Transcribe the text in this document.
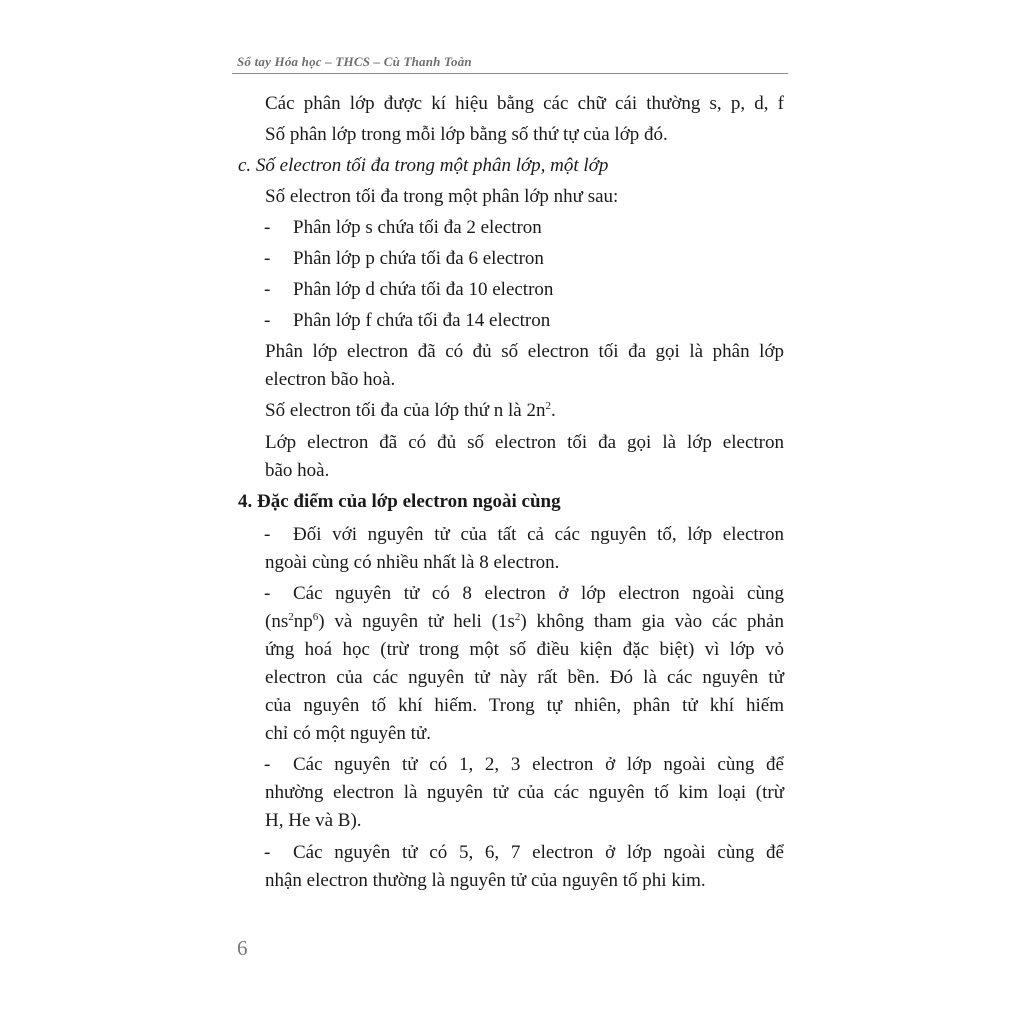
Sổ tay Hóa học – THCS – Cù Thanh Toàn
Các phân lớp được kí hiệu bằng các chữ cái thường s, p, d, f
Số phân lớp trong mỗi lớp bằng số thứ tự của lớp đó.
c. Số electron tối đa trong một phân lớp, một lớp
Số electron tối đa trong một phân lớp như sau:
- Phân lớp s chứa tối đa 2 electron
- Phân lớp p chứa tối đa 6 electron
- Phân lớp d chứa tối đa 10 electron
- Phân lớp f chứa tối đa 14 electron
Phân lớp electron đã có đủ số electron tối đa gọi là phân lớp
electron bão hoà.
Số electron tối đa của lớp thứ n là $2n^2$.
Lớp electron đã có đủ số electron tối đa gọi là lớp electron
bão hoà.
4. Đặc điểm của lớp electron ngoài cùng
- Đối với nguyên tử của tất cả các nguyên tố, lớp electron
ngoài cùng có nhiều nhất là 8 electron.
- Các nguyên tử có 8 electron ở lớp electron ngoài cùng
$(ns^2np^6)$ và nguyên tử heli $(1s^2)$ không tham gia vào các phản
ứng hoá học (trừ trong một số điều kiện đặc biệt) vì lớp vỏ
electron của các nguyên tử này rất bền. Đó là các nguyên tử
của nguyên tố khí hiếm. Trong tự nhiên, phân tử khí hiếm
chỉ có một nguyên tử.
- Các nguyên tử có 1, 2, 3 electron ở lớp ngoài cùng để
nhường electron là nguyên tử của các nguyên tố kim loại (trừ
H, He và B).
- Các nguyên tử có 5, 6, 7 electron ở lớp ngoài cùng để
nhận electron thường là nguyên tử của nguyên tố phi kim.
6
